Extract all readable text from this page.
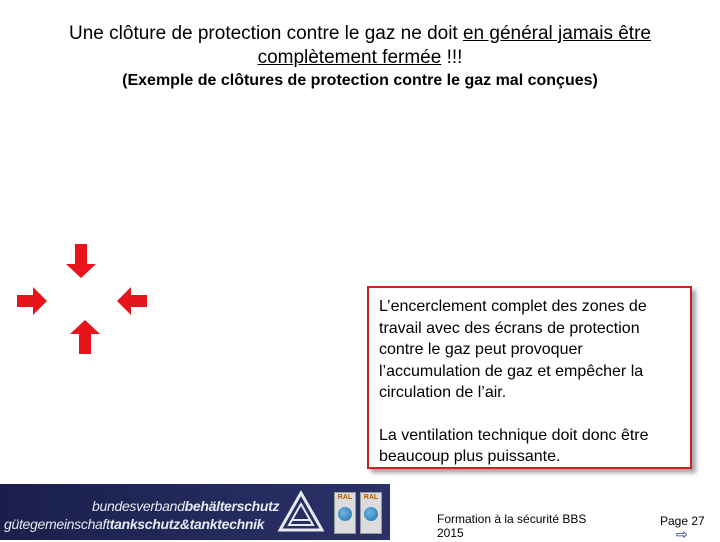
Une clôture de protection contre le gaz ne doit en général jamais être complètement fermée !!!
(Exemple de clôtures de protection contre le gaz mal conçues)

L’encerclement complet des zones de travail avec des écrans de protection contre le gaz peut provoquer l’accumulation de gaz et empêcher la circulation de l’air.

La ventilation technique doit donc être beaucoup plus puissante.

bundesverbandbehälterschutz
gütegemeinschafttankschutz&tanktechnik
RAL	RAL
Formation à la sécurité BBS 2015
Page 27
⇨
